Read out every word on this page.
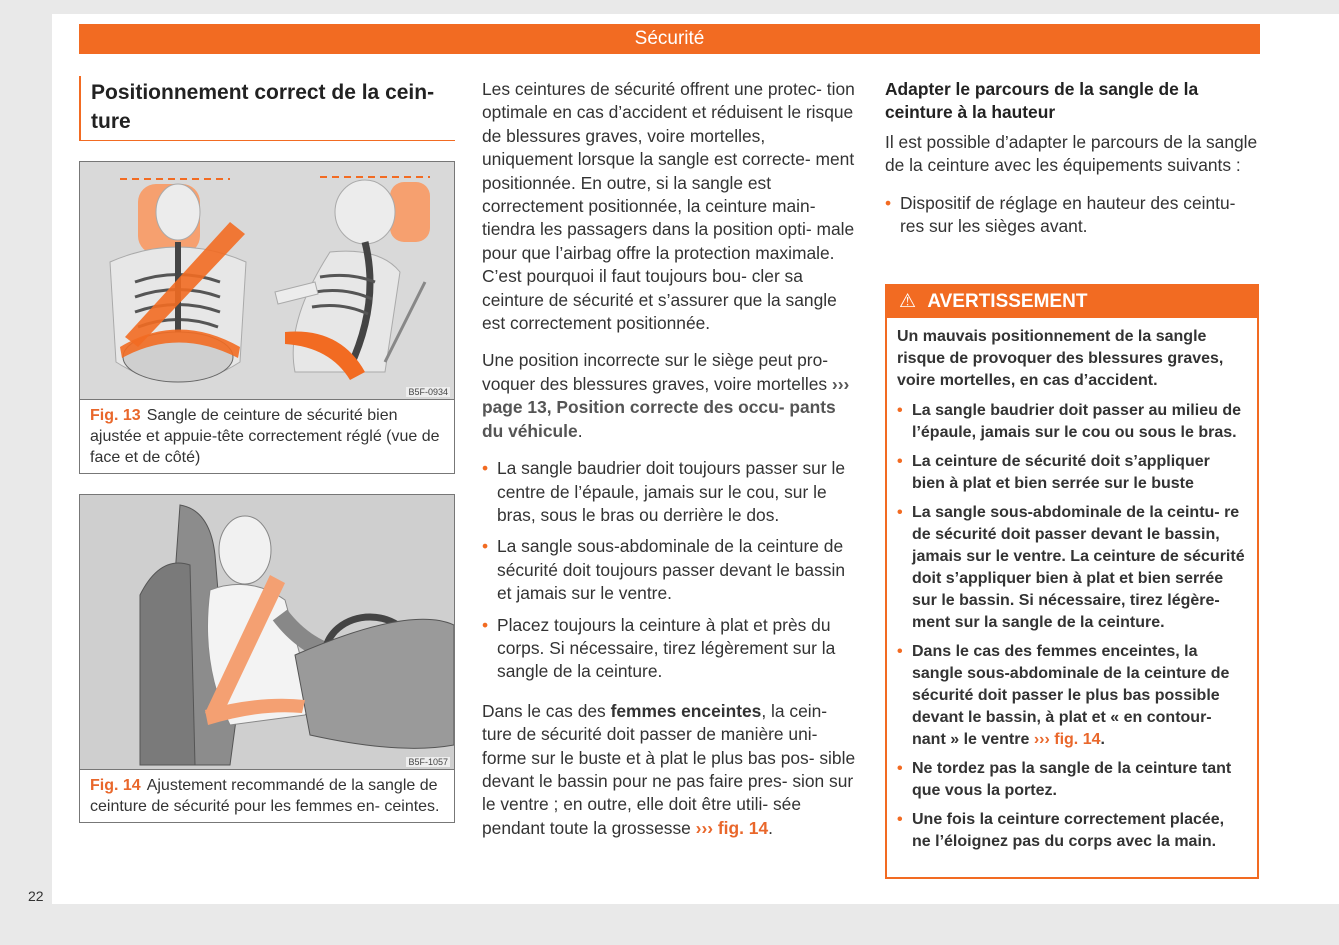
Sécurité
Positionnement correct de la cein- ture
B5F-0934
Fig. 13 Sangle de ceinture de sécurité bien ajustée et appuie-tête correctement réglé (vue de face et de côté)
B5F-1057
Fig. 14 Ajustement recommandé de la sangle de ceinture de sécurité pour les femmes en- ceintes.

Les ceintures de sécurité offrent une protec- tion optimale en cas d’accident et réduisent le risque de blessures graves, voire mortelles, uniquement lorsque la sangle est correcte- ment positionnée. En outre, si la sangle est correctement positionnée, la ceinture main- tiendra les passagers dans la position opti- male pour que l’airbag offre la protection maximale. C’est pourquoi il faut toujours bou- cler sa ceinture de sécurité et s’assurer que la sangle est correctement positionnée.

Une position incorrecte sur le siège peut pro- voquer des blessures graves, voire mortelles ››› page 13, Position correcte des occu- pants du véhicule.

• La sangle baudrier doit toujours passer sur le centre de l’épaule, jamais sur le cou, sur le bras, sous le bras ou derrière le dos.
• La sangle sous-abdominale de la ceinture de sécurité doit toujours passer devant le bassin et jamais sur le ventre.
• Placez toujours la ceinture à plat et près du corps. Si nécessaire, tirez légèrement sur la sangle de la ceinture.

Dans le cas des femmes enceintes, la cein- ture de sécurité doit passer de manière uni- forme sur le buste et à plat le plus bas pos- sible devant le bassin pour ne pas faire pres- sion sur le ventre ; en outre, elle doit être utili- sée pendant toute la grossesse ››› fig. 14.

Adapter le parcours de la sangle de la ceinture à la hauteur

Il est possible d’adapter le parcours de la sangle de la ceinture avec les équipements suivants :

• Dispositif de réglage en hauteur des ceintu- res sur les sièges avant.
⚠ AVERTISSEMENT

Un mauvais positionnement de la sangle risque de provoquer des blessures graves, voire mortelles, en cas d’accident.

• La sangle baudrier doit passer au milieu de l’épaule, jamais sur le cou ou sous le bras.
• La ceinture de sécurité doit s’appliquer bien à plat et bien serrée sur le buste
• La sangle sous-abdominale de la ceintu- re de sécurité doit passer devant le bassin, jamais sur le ventre. La ceinture de sécurité doit s’appliquer bien à plat et bien serrée sur le bassin. Si nécessaire, tirez légère- ment sur la sangle de la ceinture.
• Dans le cas des femmes enceintes, la sangle sous-abdominale de la ceinture de sécurité doit passer le plus bas possible devant le bassin, à plat et « en contour- nant » le ventre ››› fig. 14.
• Ne tordez pas la sangle de la ceinture tant que vous la portez.
• Une fois la ceinture correctement placée, ne l’éloignez pas du corps avec la main.
22
